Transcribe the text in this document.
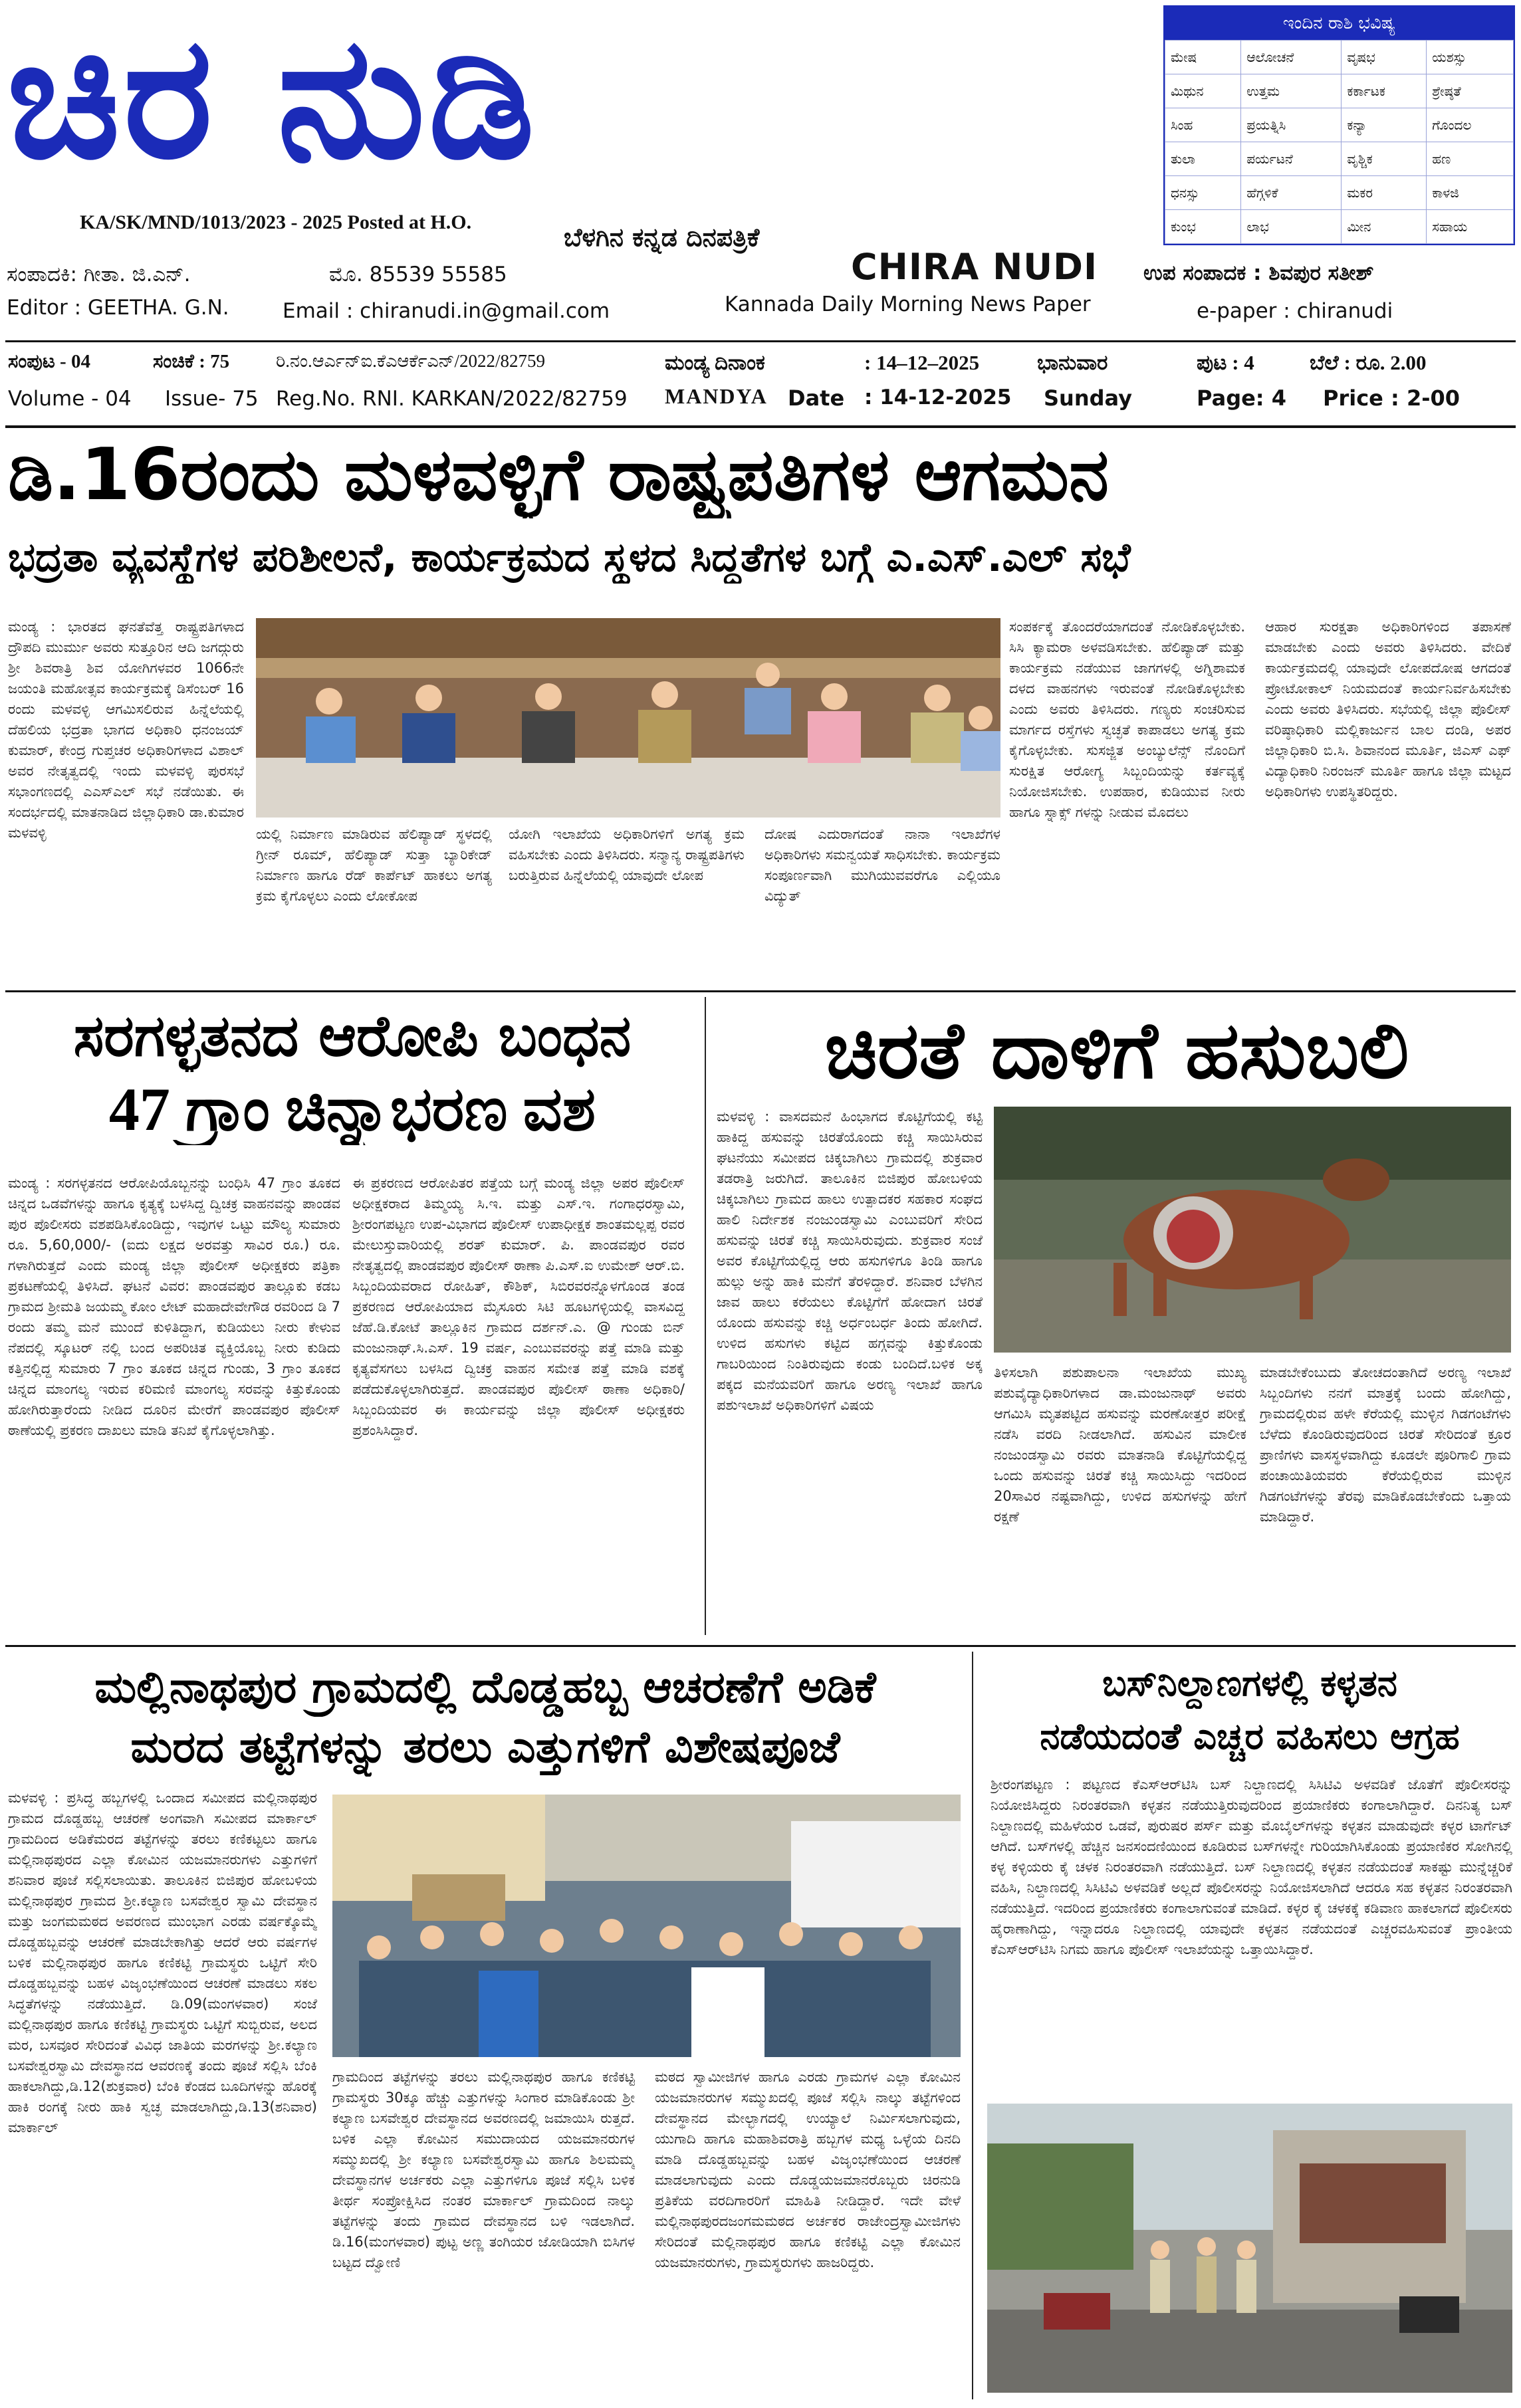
ಚಿರ ನುಡಿ	ಇಂದಿನ ರಾಶಿ ಭವಿಷ್ಯ
ಮೇಷ	ಆಲೋಚನೆ	ವೃಷಭ	ಯಶಸ್ಸು
ಮಿಥುನ	ಉತ್ತಮ	ಕರ್ಕಾಟಕ	ಶ್ರೇಷ್ಠತೆ
ಸಿಂಹ	ಪ್ರಯತ್ನಿಸಿ	ಕನ್ಯಾ	ಗೊಂದಲ
ತುಲಾ	ಪರ್ಯಟನೆ	ವೃಶ್ಚಿಕ	ಹಣ
ಧನಸ್ಸು	ಹೆಗ್ಗಳಿಕೆ	ಮಕರ	ಕಾಳಜಿ
ಕುಂಭ	ಲಾಭ	ಮೀನ	ಸಹಾಯ
KA/SK/MND/1013/2023 - 2025 Posted at H.O.
ಬೆಳಗಿನ ಕನ್ನಡ ದಿನಪತ್ರಿಕೆ
CHIRA NUDI
Kannada Daily Morning News Paper
ಸಂಪಾದಕಿ: ಗೀತಾ. ಜಿ.ಎನ್.	ಮೊ. 85539 55585
Editor : GEETHA. G.N.	Email : chiranudi.in@gmail.com
ಉಪ ಸಂಪಾದಕ : ಶಿವಪುರ ಸತೀಶ್
e-paper : chiranudi
ಸಂಪುಟ - 04	ಸಂಚಿಕೆ : 75	ರಿ.ನಂ.ಆರ್ಎನ್ಐ.ಕೆಎಆರ್ಕೆಎನ್/2022/82759	ಮಂಡ್ಯ ದಿನಾಂಕ	: 14–12–2025	ಭಾನುವಾರ	ಪುಟ : 4	ಬೆಲೆ : ರೂ. 2.00
Volume - 04 Issue- 75 Reg.No. RNI. KARKAN/2022/82759 MANDYA Date : 14-12-2025 Sunday	Page: 4 Price : 2-00
ಡಿ.16ರಂದು ಮಳವಳ್ಳಿಗೆ ರಾಷ್ಟ್ರಪತಿಗಳ ಆಗಮನ
ಭದ್ರತಾ ವ್ಯವಸ್ಥೆಗಳ ಪರಿಶೀಲನೆ, ಕಾರ್ಯಕ್ರಮದ ಸ್ಥಳದ ಸಿದ್ಧತೆಗಳ ಬಗ್ಗೆ ಎ.ಎಸ್.ಎಲ್ ಸಭೆ
ಮಂಡ್ಯ : ಭಾರತದ ಘನತೆವೆತ್ತ ರಾಷ್ಟ್ರಪತಿಗಳಾದ ದ್ರೌಪದಿ ಮುರ್ಮು ಅವರು ಸುತ್ತೂರಿನ ಆದಿ ಜಗದ್ಗುರು ಶ್ರೀ ಶಿವರಾತ್ರಿ ಶಿವ ಯೋಗಿಗಳವರ 1066ನೇ ಜಯಂತಿ ಮಹೋತ್ಸವ ಕಾರ್ಯಕ್ರಮಕ್ಕೆ ಡಿಸೆಂಬರ್ 16 ರಂದು ಮಳವಳ್ಳಿ ಆಗಮಿಸಲಿರುವ ಹಿನ್ನೆಲೆಯಲ್ಲಿ ದೆಹಲಿಯ ಭದ್ರತಾ ಭಾಗದ ಅಧಿಕಾರಿ ಧನಂಜಯ್ ಕುಮಾರ್, ಕೇಂದ್ರ ಗುಪ್ತಚರ ಅಧಿಕಾರಿಗಳಾದ ವಿಶಾಲ್ ಅವರ ನೇತೃತ್ವದಲ್ಲಿ ಇಂದು ಮಳವಳ್ಳಿ ಪುರಸಭೆ ಸಭಾಂಗಣದಲ್ಲಿ ಎಎಸ್ಎಲ್ ಸಭೆ ನಡೆಯಿತು. ಈ ಸಂದರ್ಭದಲ್ಲಿ ಮಾತನಾಡಿದ ಜಿಲ್ಲಾಧಿಕಾರಿ ಡಾ.ಕುಮಾರ ಮಳವಳ್ಳಿ	ಯಲ್ಲಿ ನಿರ್ಮಾಣ ಮಾಡಿರುವ ಹೆಲಿಪ್ಯಾಡ್ ಸ್ಥಳದಲ್ಲಿ ಗ್ರೀನ್ ರೂಮ್, ಹೆಲಿಪ್ಯಾಡ್ ಸುತ್ತಾ ಬ್ಯಾರಿಕೇಡ್ ನಿರ್ಮಾಣ ಹಾಗೂ ರೆಡ್ ಕಾರ್ಪೆಟ್ ಹಾಕಲು ಅಗತ್ಯ ಕ್ರಮ ಕೈಗೊಳ್ಳಲು ಎಂದು ಲೋಕೋಪ
ಯೋಗಿ ಇಲಾಖೆಯ ಅಧಿಕಾರಿಗಳಿಗೆ ಅಗತ್ಯ ಕ್ರಮ ವಹಿಸಬೇಕು ಎಂದು ತಿಳಿಸಿದರು. ಸನ್ಮಾನ್ಯ ರಾಷ್ಟ್ರಪತಿಗಳು ಬರುತ್ತಿರುವ ಹಿನ್ನೆಲೆಯಲ್ಲಿ ಯಾವುದೇ ಲೋಪ
ದೋಷ ಎದುರಾಗದಂತೆ ನಾನಾ ಇಲಾಖೆಗಳ ಅಧಿಕಾರಿಗಳು ಸಮನ್ವಯತೆ ಸಾಧಿಸಬೇಕು. ಕಾರ್ಯಕ್ರಮ ಸಂಪೂರ್ಣವಾಗಿ ಮುಗಿಯುವವರೆಗೂ ಎಲ್ಲಿಯೂ ವಿದ್ಯುತ್
ಸಂಪರ್ಕಕ್ಕೆ ತೊಂದರೆಯಾಗದಂತೆ ನೋಡಿಕೊಳ್ಳಬೇಕು. ಸಿಸಿ ಕ್ಯಾಮರಾ ಅಳವಡಿಸಬೇಕು. ಹೆಲಿಪ್ಯಾಡ್ ಮತ್ತು ಕಾರ್ಯಕ್ರಮ ನಡೆಯುವ ಜಾಗಗಳಲ್ಲಿ ಅಗ್ನಿಶಾಮಕ ದಳದ ವಾಹನಗಳು ಇರುವಂತೆ ನೋಡಿಕೊಳ್ಳಬೇಕು ಎಂದು ಅವರು ತಿಳಿಸಿದರು. ಗಣ್ಯರು ಸಂಚರಿಸುವ ಮಾರ್ಗದ ರಸ್ತೆಗಳು ಸ್ವಚ್ಛತೆ ಕಾಪಾಡಲು ಅಗತ್ಯ ಕ್ರಮ ಕೈಗೊಳ್ಳಬೇಕು. ಸುಸಜ್ಜಿತ ಅಂಬ್ಯುಲೆನ್ಸ್ ನೊಂದಿಗೆ ಸುರಕ್ಷಿತ ಆರೋಗ್ಯ ಸಿಬ್ಬಂದಿಯನ್ನು ಕರ್ತವ್ಯಕ್ಕೆ ನಿಯೋಜಿಸಬೇಕು. ಉಪಹಾರ, ಕುಡಿಯುವ ನೀರು ಹಾಗೂ ಸ್ನಾಕ್ಸ್ ಗಳನ್ನು ನೀಡುವ ಮೊದಲು
ಆಹಾರ ಸುರಕ್ಷತಾ ಅಧಿಕಾರಿಗಳಿಂದ ತಪಾಸಣೆ ಮಾಡಬೇಕು ಎಂದು ಅವರು ತಿಳಿಸಿದರು. ವೇದಿಕೆ ಕಾರ್ಯಕ್ರಮದಲ್ಲಿ ಯಾವುದೇ ಲೋಪದೋಷ ಆಗದಂತೆ ಪ್ರೋಟೋಕಾಲ್ ನಿಯಮದಂತೆ ಕಾರ್ಯನಿರ್ವಹಿಸಬೇಕು ಎಂದು ಅವರು ತಿಳಿಸಿದರು. ಸಭೆಯಲ್ಲಿ ಜಿಲ್ಲಾ ಪೊಲೀಸ್ ವರಿಷ್ಠಾಧಿಕಾರಿ ಮಲ್ಲಿಕಾರ್ಜುನ ಬಾಲ ದಂಡಿ, ಅಪರ ಜಿಲ್ಲಾಧಿಕಾರಿ ಬಿ.ಸಿ. ಶಿವಾನಂದ ಮೂರ್ತಿ, ಜಿಎಸ್ ಎಫ್ ವಿದ್ಯಾಧಿಕಾರಿ ನಿರಂಜನ್ ಮೂರ್ತಿ ಹಾಗೂ ಜಿಲ್ಲಾ ಮಟ್ಟದ ಅಧಿಕಾರಿಗಳು ಉಪಸ್ಥಿತರಿದ್ದರು.
ಸರಗಳ್ಳತನದ ಆರೋಪಿ ಬಂಧನ
47 ಗ್ರಾಂ ಚಿನ್ನಾಭರಣ ವಶ
ಮಂಡ್ಯ : ಸರಗಳ್ಳತನದ ಆರೋಪಿಯೊಬ್ಬನನ್ನು ಬಂಧಿಸಿ 47 ಗ್ರಾಂ ತೂಕದ ಚಿನ್ನದ ಒಡವೆಗಳನ್ನು ಹಾಗೂ ಕೃತ್ಯಕ್ಕೆ ಬಳಸಿದ್ದ ದ್ವಿಚಕ್ರ ವಾಹನವನ್ನು ಪಾಂಡವ ಪುರ ಪೊಲೀಸರು ವಶಪಡಿಸಿಕೊಂಡಿದ್ದು, ಇವುಗಳ ಒಟ್ಟು ಮೌಲ್ಯ ಸುಮಾರು ರೂ. 5,60,000/- (ಐದು ಲಕ್ಷದ ಅರವತ್ತು ಸಾವಿರ ರೂ.) ರೂ. ಗಳಾಗಿರುತ್ತದೆ ಎಂದು ಮಂಡ್ಯ ಜಿಲ್ಲಾ ಪೊಲೀಸ್ ಅಧೀಕ್ಷಕರು ಪತ್ರಿಕಾ ಪ್ರಕಟಣೆಯಲ್ಲಿ ತಿಳಿಸಿದೆ. ಘಟನೆ ವಿವರ: ಪಾಂಡವಪುರ ತಾಲ್ಲೂಕು ಕಡಬ ಗ್ರಾಮದ ಶ್ರೀಮತಿ ಜಯಮ್ಮ ಕೋಂ ಲೇಟ್ ಮಹಾದೇವೇಗೌಡ ರವರಿಂದ ಡಿ 7 ರಂದು ತಮ್ಮ ಮನೆ ಮುಂದೆ ಕುಳಿತಿದ್ದಾಗ, ಕುಡಿಯಲು ನೀರು ಕೇಳುವ ನೆಪದಲ್ಲಿ ಸ್ಕೂಟರ್ ನಲ್ಲಿ ಬಂದ ಅಪರಿಚಿತ ವ್ಯಕ್ತಿಯೊಬ್ಬ ನೀರು ಕುಡಿದು ಕತ್ತಿನಲ್ಲಿದ್ದ ಸುಮಾರು 7 ಗ್ರಾಂ ತೂಕದ ಚಿನ್ನದ ಗುಂಡು, 3 ಗ್ರಾಂ ತೂಕದ ಚಿನ್ನದ ಮಾಂಗಲ್ಯ ಇರುವ ಕರಿಮಣಿ ಮಾಂಗಲ್ಯ ಸರವನ್ನು ಕಿತ್ತುಕೊಂಡು ಹೋಗಿರುತ್ತಾರೆಂದು ನೀಡಿದ ದೂರಿನ ಮೇರೆಗೆ ಪಾಂಡವಪುರ ಪೊಲೀಸ್ ಠಾಣೆಯಲ್ಲಿ ಪ್ರಕರಣ ದಾಖಲು ಮಾಡಿ ತನಿಖೆ ಕೈಗೊಳ್ಳಲಾಗಿತ್ತು.
ಈ ಪ್ರಕರಣದ ಆರೋಪಿತರ ಪತ್ತೆಯ ಬಗ್ಗೆ ಮಂಡ್ಯ ಜಿಲ್ಲಾ ಅಪರ ಪೊಲೀಸ್ ಅಧೀಕ್ಷಕರಾದ ತಿಮ್ಮಯ್ಯ ಸಿ.ಇ. ಮತ್ತು ಎಸ್.ಇ. ಗಂಗಾಧರಸ್ವಾಮಿ, ಶ್ರೀರಂಗಪಟ್ಟಣ ಉಪ-ವಿಭಾಗದ ಪೊಲೀಸ್ ಉಪಾಧೀಕ್ಷಕ ಶಾಂತಮಲ್ಲಪ್ಪ ರವರ ಮೇಲುಸ್ತುವಾರಿಯಲ್ಲಿ ಶರತ್ ಕುಮಾರ್. ಪಿ. ಪಾಂಡವಪುರ ರವರ ನೇತೃತ್ವದಲ್ಲಿ ಪಾಂಡವಪುರ ಪೊಲೀಸ್ ಠಾಣಾ ಪಿ.ಎಸ್.ಐ ಉಮೇಶ್ ಆರ್.ಬಿ. ಸಿಬ್ಬಂದಿಯವರಾದ ರೋಹಿತ್, ಕೌಶಿಕ್, ಸಿಬಿರವರನ್ನೊಳಗೊಂಡ ತಂಡ ಪ್ರಕರಣದ ಆರೋಪಿಯಾದ ಮೈಸೂರು ಸಿಟಿ ಹೂಟಗಳ್ಳಿಯಲ್ಲಿ ವಾಸವಿದ್ದ ಜೆಹೆ.ಡಿ.ಕೋಟೆ ತಾಲ್ಲೂಕಿನ ಗ್ರಾಮದ ದರ್ಶನ್.ಎ. @ ಗುಂಡು ಬಿನ್ ಮಂಜುನಾಥ್.ಸಿ.ಎಸ್. 19 ವರ್ಷ, ಎಂಬುವವರನ್ನು ಪತ್ತೆ ಮಾಡಿ ಮತ್ತು ಕೃತ್ಯವೆಸಗಲು ಬಳಸಿದ ದ್ವಿಚಕ್ರ ವಾಹನ ಸಮೇತ ಪತ್ತೆ ಮಾಡಿ ವಶಕ್ಕೆ ಪಡೆದುಕೊಳ್ಳಲಾಗಿರುತ್ತದೆ. ಪಾಂಡವಪುರ ಪೊಲೀಸ್ ಠಾಣಾ ಅಧಿಕಾರಿ/ಸಿಬ್ಬಂದಿಯವರ ಈ ಕಾರ್ಯವನ್ನು ಜಿಲ್ಲಾ ಪೊಲೀಸ್ ಅಧೀಕ್ಷಕರು ಪ್ರಶಂಸಿಸಿದ್ದಾರೆ.
ಚಿರತೆ ದಾಳಿಗೆ ಹಸುಬಲಿ
ಮಳವಳ್ಳಿ : ವಾಸದಮನೆ ಹಿಂಭಾಗದ ಕೊಟ್ಟಿಗೆಯಲ್ಲಿ ಕಟ್ಟಿ ಹಾಕಿದ್ದ ಹಸುವನ್ನು ಚಿರತೆಯೊಂದು ಕಚ್ಚಿ ಸಾಯಿಸಿರುವ ಘಟನೆಯು ಸಮೀಪದ ಚಿಕ್ಕಬಾಗಿಲು ಗ್ರಾಮದಲ್ಲಿ ಶುಕ್ರವಾರ ತಡರಾತ್ರಿ ಜರುಗಿದೆ. ತಾಲೂಕಿನ ಬಿಜಿಪುರ ಹೋಬಳಿಯ ಚಿಕ್ಕಬಾಗಿಲು ಗ್ರಾಮದ ಹಾಲು ಉತ್ಪಾದಕರ ಸಹಕಾರ ಸಂಘದ ಹಾಲಿ ನಿರ್ದೇಶಕ ನಂಜುಂಡಸ್ವಾಮಿ ಎಂಬುವರಿಗೆ ಸೇರಿದ ಹಸುವನ್ನು ಚಿರತೆ ಕಚ್ಚಿ ಸಾಯಿಸಿರುವುದು. ಶುಕ್ರವಾರ ಸಂಜೆ ಅವರ ಕೊಟ್ಟಿಗೆಯಲ್ಲಿದ್ದ ಆರು ಹಸುಗಳಿಗೂ ತಿಂಡಿ ಹಾಗೂ ಹುಲ್ಲು ಅನ್ನು ಹಾಕಿ ಮನೆಗೆ ತೆರಳಿದ್ದಾರೆ. ಶನಿವಾರ ಬೆಳಗಿನ ಜಾವ ಹಾಲು ಕರೆಯಲು ಕೊಟ್ಟಿಗೆಗೆ ಹೋದಾಗ ಚಿರತೆ ಯೊಂದು ಹಸುವನ್ನು ಕಚ್ಚಿ ಅರ್ಧಂಬರ್ಧ ತಿಂದು ಹೋಗಿದೆ. ಉಳಿದ ಹಸುಗಳು ಕಟ್ಟಿದ ಹಗ್ಗವನ್ನು ಕಿತ್ತುಕೊಂಡು ಗಾಬರಿಯಿಂದ ನಿಂತಿರುವುದು ಕಂಡು ಬಂದಿದೆ.ಬಳಿಕ ಅಕ್ಕ ಪಕ್ಕದ ಮನೆಯವರಿಗೆ ಹಾಗೂ ಅರಣ್ಯ ಇಲಾಖೆ ಹಾಗೂ ಪಶುಇಲಾಖೆ ಅಧಿಕಾರಿಗಳಿಗೆ ವಿಷಯ
ತಿಳಿಸಲಾಗಿ ಪಶುಪಾಲನಾ ಇಲಾಖೆಯ ಮುಖ್ಯ ಪಶುವೈದ್ಯಾಧಿಕಾರಿಗಳಾದ ಡಾ.ಮಂಜುನಾಥ್ ಅವರು ಆಗಮಿಸಿ ಮೃತಪಟ್ಟಿದ ಹಸುವನ್ನು ಮರಣೋತ್ತರ ಪರೀಕ್ಷೆ ನಡೆಸಿ ವರದಿ ನೀಡಲಾಗಿದೆ. ಹಸುವಿನ ಮಾಲೀಕ ನಂಜುಂಡಸ್ವಾಮಿ ರವರು ಮಾತನಾಡಿ ಕೊಟ್ಟಿಗೆಯಲ್ಲಿದ್ದ ಒಂದು ಹಸುವನ್ನು ಚಿರತೆ ಕಚ್ಚಿ ಸಾಯಿಸಿದ್ದು ಇದರಿಂದ 20ಸಾವಿರ ನಷ್ಟವಾಗಿದ್ದು, ಉಳಿದ ಹಸುಗಳನ್ನು ಹೇಗೆ ರಕ್ಷಣೆ
ಮಾಡಬೇಕೆಂಬುದು ತೋಚದಂತಾಗಿದೆ ಅರಣ್ಯ ಇಲಾಖೆ ಸಿಬ್ಬಂದಿಗಳು ನನಗೆ ಮಾತ್ರಕ್ಕೆ ಬಂದು ಹೋಗಿದ್ದು, ಗ್ರಾಮದಲ್ಲಿರುವ ಹಳೇ ಕೆರೆಯಲ್ಲಿ ಮುಳ್ಳಿನ ಗಿಡಗಂಟೆಗಳು ಬೆಳೆದು ಕೊಂಡಿರುವುದರಿಂದ ಚಿರತೆ ಸೇರಿದಂತೆ ಕ್ರೂರ ಪ್ರಾಣಿಗಳು ವಾಸಸ್ಥಳವಾಗಿದ್ದು ಕೂಡಲೇ ಪೂರಿಗಾಲಿ ಗ್ರಾಮ ಪಂಚಾಯಿತಿಯವರು ಕೆರೆಯಲ್ಲಿರುವ ಮುಳ್ಳಿನ ಗಿಡಗಂಟೆಗಳನ್ನು ತೆರವು ಮಾಡಿಕೊಡಬೇಕೆಂದು ಒತ್ತಾಯ ಮಾಡಿದ್ದಾರೆ.
ಮಲ್ಲಿನಾಥಪುರ ಗ್ರಾಮದಲ್ಲಿ ದೊಡ್ಡಹಬ್ಬ ಆಚರಣೆಗೆ ಅಡಿಕೆ
ಮರದ ತಟ್ಟೆಗಳನ್ನು ತರಲು ಎತ್ತುಗಳಿಗೆ ವಿಶೇಷಪೂಜೆ
ಮಳವಳ್ಳಿ : ಪ್ರಸಿದ್ಧ ಹಬ್ಬಗಳಲ್ಲಿ ಒಂದಾದ ಸಮೀಪದ ಮಲ್ಲಿನಾಥಪುರ ಗ್ರಾಮದ ದೊಡ್ಡಹಬ್ಬ ಆಚರಣೆ ಅಂಗವಾಗಿ ಸಮೀಪದ ಮಾರ್ಕಾಲ್ ಗ್ರಾಮದಿಂದ ಅಡಿಕೆಮರದ ತಟ್ಟೆಗಳನ್ನು ತರಲು ಕಣಿಕಟ್ಟಲು ಹಾಗೂ ಮಲ್ಲಿನಾಥಪುರದ ಎಲ್ಲಾ ಕೋಮಿನ ಯಜಮಾನರುಗಳು ಎತ್ತುಗಳಿಗೆ ಶನಿವಾರ ಪೂಜೆ ಸಲ್ಲಿಸಲಾಯಿತು. ತಾಲೂಕಿನ ಬಿಜಿಪುರ ಹೋಬಳಿಯ ಮಲ್ಲಿನಾಥಪುರ ಗ್ರಾಮದ ಶ್ರೀ.ಕಲ್ಯಾಣ ಬಸವೇಶ್ವರ ಸ್ವಾಮಿ ದೇವಸ್ಥಾನ ಮತ್ತು ಜಂಗಮಮಠದ ಅವರಣದ ಮುಂಭಾಗ ಎರಡು ವರ್ಷಕ್ಕೊಮ್ಮೆ ದೊಡ್ಡಹಬ್ಬವನ್ನು ಆಚರಣೆ ಮಾಡಬೇಕಾಗಿತ್ತು ಆದರೆ ಆರು ವರ್ಷಗಳ ಬಳಿಕ ಮಲ್ಲಿನಾಥಪುರ ಹಾಗೂ ಕಣಿಕಟ್ಟಿ ಗ್ರಾಮಸ್ಥರು ಒಟ್ಟಿಗೆ ಸೇರಿ ದೊಡ್ಡಹಬ್ಬವನ್ನು ಬಹಳ ವಿಜೃಂಭಣೆಯಿಂದ ಆಚರಣೆ ಮಾಡಲು ಸಕಲ ಸಿದ್ಧತೆಗಳನ್ನು ನಡೆಯುತ್ತಿದೆ. ಡಿ.09(ಮಂಗಳವಾರ) ಸಂಜೆ ಮಲ್ಲಿನಾಥಪುರ ಹಾಗೂ ಕಣಿಕಟ್ಟಿ ಗ್ರಾಮಸ್ಥರು ಒಟ್ಟಿಗೆ ಸುಬ್ಬಿರುವ, ಅಲದ ಮರ, ಬಸವೂರ ಸೇರಿದಂತೆ ವಿವಿಧ ಜಾತಿಯ ಮರಗಳನ್ನು ಶ್ರೀ.ಕಲ್ಯಾಣ ಬಸವೇಶ್ವರಸ್ವಾಮಿ ದೇವಸ್ಥಾನದ ಆವರಣಕ್ಕೆ ತಂದು ಪೂಜೆ ಸಲ್ಲಿಸಿ ಬೆಂಕಿ ಹಾಕಲಾಗಿದ್ದು,ಡಿ.12(ಶುಕ್ರವಾರ) ಬೆಂಕಿ ಕೆಂಡದ ಬೂದಿಗಳನ್ನು ಹೊರಕ್ಕೆ ಹಾಕಿ ರಂಗಕ್ಕೆ ನೀರು ಹಾಕಿ ಸ್ವಚ್ಛ ಮಾಡಲಾಗಿದ್ದು,ಡಿ.13(ಶನಿವಾರ) ಮಾರ್ಕಾಲ್
ಗ್ರಾಮದಿಂದ ತಟ್ಟೆಗಳನ್ನು ತರಲು ಮಲ್ಲಿನಾಥಪುರ ಹಾಗೂ ಕಣಿಕಟ್ಟಿ ಗ್ರಾಮಸ್ಥರು 30ಕ್ಕೂ ಹೆಚ್ಚು ಎತ್ತುಗಳನ್ನು ಸಿಂಗಾರ ಮಾಡಿಕೊಂಡು ಶ್ರೀ ಕಲ್ಯಾಣ ಬಸವೇಶ್ವರ ದೇವಸ್ಥಾನದ ಅವರಣದಲ್ಲಿ ಜಮಾಯಿಸಿ ರುತ್ತದೆ. ಬಳಿಕ ಎಲ್ಲಾ ಕೋಮಿನ ಸಮುದಾಯದ ಯಜಮಾನರುಗಳ ಸಮ್ಮುಖದಲ್ಲಿ ಶ್ರೀ ಕಲ್ಯಾಣ ಬಸವೇಶ್ವರಸ್ವಾಮಿ ಹಾಗೂ ಶಿಲಮಮ್ಮ ದೇವಸ್ಥಾನಗಳ ಅರ್ಚಕರು ಎಲ್ಲಾ ಎತ್ತುಗಳಿಗೂ ಪೂಜೆ ಸಲ್ಲಿಸಿ ಬಳಿಕ ತೀರ್ಥ ಸಂಪ್ರೋಕ್ಷಿಸಿದ ನಂತರ ಮಾರ್ಕಾಲ್ ಗ್ರಾಮದಿಂದ ನಾಲ್ಕು ತಟ್ಟೆಗಳನ್ನು ತಂದು ಗ್ರಾಮದ ದೇವಸ್ಥಾನದ ಬಳಿ ಇಡಲಾಗಿದೆ. ಡಿ.16(ಮಂಗಳವಾರ) ಪುಟ್ಟ ಅಣ್ಣ ತಂಗಿಯರ ಜೋಡಿಯಾಗಿ ಬಿಸಿಗಳ ಬಟ್ಟದ ದ್ವೋಣಿ
ಮಠದ ಸ್ವಾಮೀಜಿಗಳ ಹಾಗೂ ಎರಡು ಗ್ರಾಮಗಳ ಎಲ್ಲಾ ಕೋಮಿನ ಯಜಮಾನರುಗಳ ಸಮ್ಮುಖದಲ್ಲಿ ಪೂಜೆ ಸಲ್ಲಿಸಿ ನಾಲ್ಕು ತಟ್ಟೆಗಳಿಂದ ದೇವಸ್ಥಾನದ ಮೇಲ್ಭಾಗದಲ್ಲಿ ಉಯ್ಯಾಲೆ ನಿರ್ಮಿಸಲಾಗುವುದು, ಯುಗಾದಿ ಹಾಗೂ ಮಹಾಶಿವರಾತ್ರಿ ಹಬ್ಬಗಳ ಮಧ್ಯ ಒಳ್ಳೆಯ ದಿನದಿ ಮಾಡಿ ದೊಡ್ಡಹಬ್ಬವನ್ನು ಬಹಳ ವಿಜೃಂಭಣೆಯಿಂದ ಆಚರಣೆ ಮಾಡಲಾಗುವುದು ಎಂದು ದೊಡ್ಡಯಜಮಾನರೊಬ್ಬರು ಚಿರನುಡಿ ಪ್ರತಿಕೆಯ ವರದಿಗಾರರಿಗೆ ಮಾಹಿತಿ ನೀಡಿದ್ದಾರೆ. ಇದೇ ವೇಳೆ ಮಲ್ಲಿನಾಥಪುರದಜಂಗಮಮಠದ ಅರ್ಚಕರ ರಾಜೇಂದ್ರಸ್ವಾಮೀಜಿಗಳು ಸೇರಿದಂತೆ ಮಲ್ಲಿನಾಥಪುರ ಹಾಗೂ ಕಣಿಕಟ್ಟಿ ಎಲ್ಲಾ ಕೋಮಿನ ಯಜಮಾನರುಗಳು, ಗ್ರಾಮಸ್ಥರುಗಳು ಹಾಜರಿದ್ದರು.
ಬಸ್‌ನಿಲ್ದಾಣಗಳಲ್ಲಿ ಕಳ್ಳತನ
ನಡೆಯದಂತೆ ಎಚ್ಚರ ವಹಿಸಲು ಆಗ್ರಹ
ಶ್ರೀರಂಗಪಟ್ಟಣ : ಪಟ್ಟಣದ ಕೆಎಸ್ಆರ್‌ಟಿಸಿ ಬಸ್ ನಿಲ್ದಾಣದಲ್ಲಿ ಸಿಸಿಟಿವಿ ಅಳವಡಿಕೆ ಜೊತೆಗೆ ಪೊಲೀಸರನ್ನು ನಿಯೋಜಿಸಿದ್ದರು ನಿರಂತರವಾಗಿ ಕಳ್ಳತನ ನಡೆಯುತ್ತಿರುವುದರಿಂದ ಪ್ರಯಾಣಿಕರು ಕಂಗಾಲಾಗಿದ್ದಾರೆ. ದಿನನಿತ್ಯ ಬಸ್ ನಿಲ್ದಾಣದಲ್ಲಿ ಮಹಿಳೆಯರ ಒಡವೆ, ಪುರುಷರ ಪರ್ಸ್ ಮತ್ತು ಮೊಬೈಲ್‌ಗಳನ್ನು ಕಳ್ಳತನ ಮಾಡುವುದೇ ಕಳ್ಳರ ಟಾರ್ಗೆಟ್ ಆಗಿದೆ. ಬಸ್‌ಗಳಲ್ಲಿ ಹೆಚ್ಚಿನ ಜನಸಂದಣಿಯಿಂದ ಕೂಡಿರುವ ಬಸ್‌ಗಳನ್ನೇ ಗುರಿಯಾಗಿಸಿಕೊಂಡು ಪ್ರಯಾಣಿಕರ ಸೋಗಿನಲ್ಲಿ ಕಳ್ಳ ಕಳ್ಳಿಯರು ಕೈ ಚಳಕ ನಿರಂತರವಾಗಿ ನಡೆಯುತ್ತಿದೆ. ಬಸ್ ನಿಲ್ದಾಣದಲ್ಲಿ ಕಳ್ಳತನ ನಡೆಯದಂತೆ ಸಾಕಷ್ಟು ಮುನ್ನೆಚ್ಚರಿಕೆ ವಹಿಸಿ, ನಿಲ್ದಾಣದಲ್ಲಿ ಸಿಸಿಟಿವಿ ಅಳವಡಿಕೆ ಅಲ್ಲದೆ ಪೊಲೀಸರನ್ನು ನಿಯೋಜಿಸಲಾಗಿದೆ ಆದರೂ ಸಹ ಕಳ್ಳತನ ನಿರಂತರವಾಗಿ ನಡೆಯುತ್ತಿದೆ. ಇದರಿಂದ ಪ್ರಯಾಣಿಕರು ಕಂಗಾಲಾಗುವಂತೆ ಮಾಡಿದೆ. ಕಳ್ಳರ ಕೈ ಚಳಕಕ್ಕೆ ಕಡಿವಾಣ ಹಾಕಲಾಗದೆ ಪೊಲೀಸರು ಹೈರಾಣಾಗಿದ್ದು, ಇನ್ನಾದರೂ ನಿಲ್ದಾಣದಲ್ಲಿ ಯಾವುದೇ ಕಳ್ಳತನ ನಡೆಯದಂತೆ ಎಚ್ಚರವಹಿಸುವಂತೆ ಪ್ರಾಂತೀಯ ಕೆಎಸ್ಆರ್‌ಟಿಸಿ ನಿಗಮ ಹಾಗೂ ಪೊಲೀಸ್ ಇಲಾಖೆಯನ್ನು ಒತ್ತಾಯಿಸಿದ್ದಾರೆ.
